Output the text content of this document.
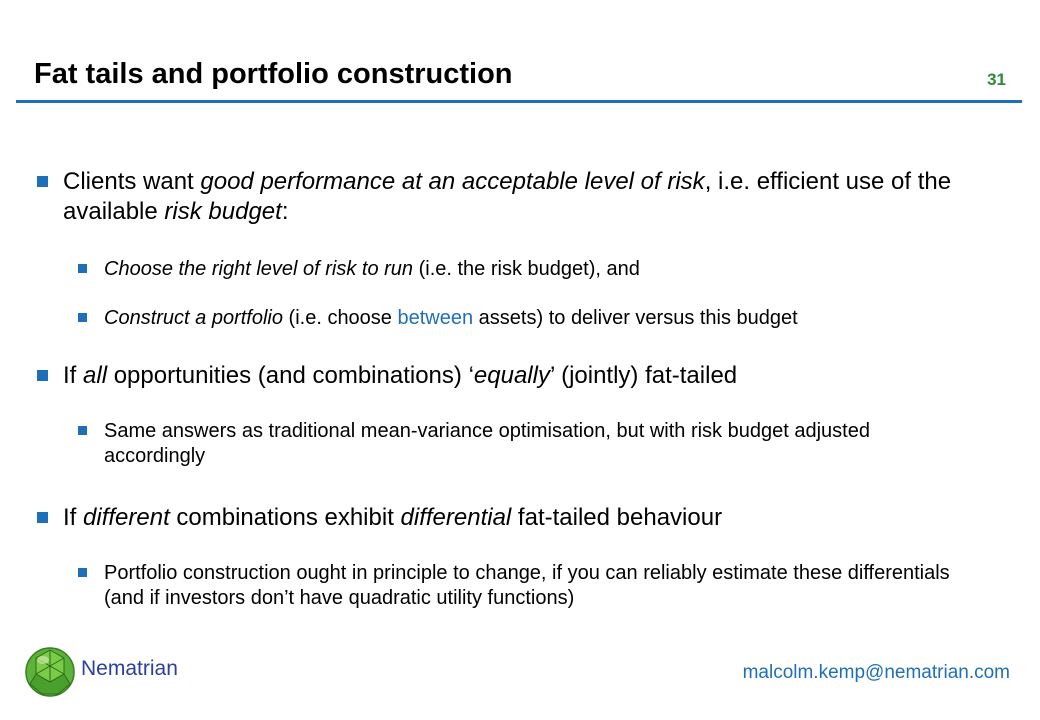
Fat tails and portfolio construction	31
Clients want good performance at an acceptable level of risk, i.e. efficient use of the available risk budget:
Choose the right level of risk to run (i.e. the risk budget), and
Construct a portfolio (i.e. choose between assets) to deliver versus this budget
If all opportunities (and combinations) ‘equally’ (jointly) fat-tailed
Same answers as traditional mean-variance optimisation, but with risk budget adjusted accordingly
If different combinations exhibit differential fat-tailed behaviour
Portfolio construction ought in principle to change, if you can reliably estimate these differentials (and if investors don’t have quadratic utility functions)
Nematrian	malcolm.kemp@nematrian.com
